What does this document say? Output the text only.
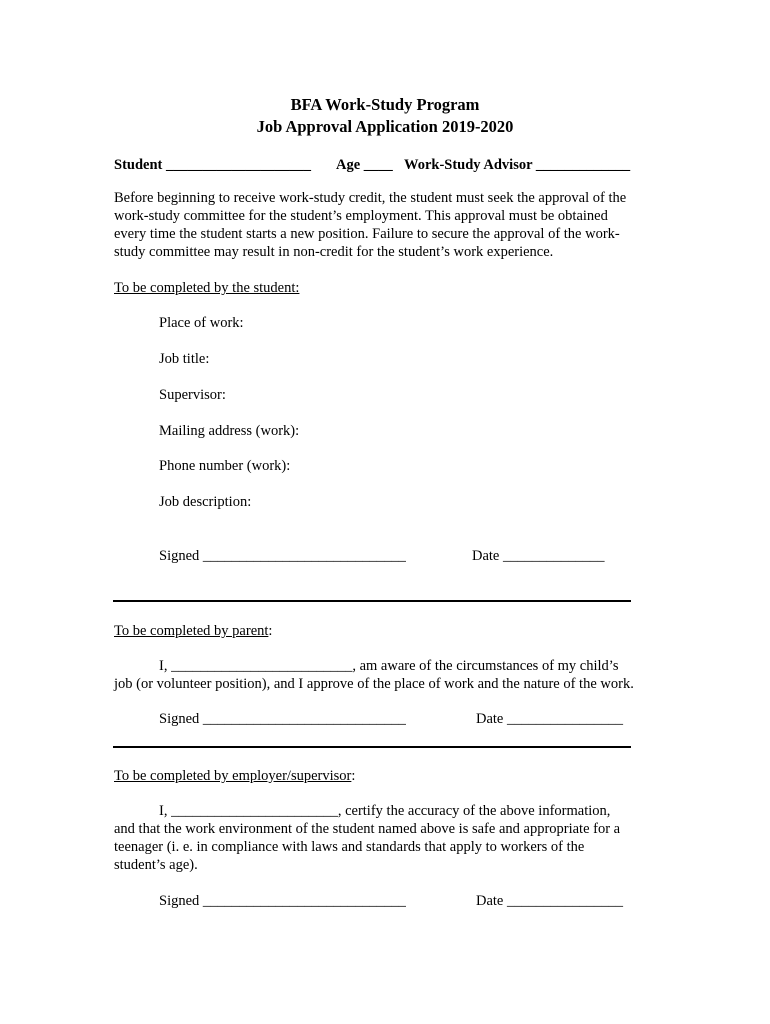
BFA Work-Study Program
Job Approval Application 2019-2020
Student ____________________ Age ____ Work-Study Advisor _____________
Before beginning to receive work-study credit, the student must seek the approval of the
work-study committee for the student’s employment. This approval must be obtained
every time the student starts a new position. Failure to secure the approval of the work-
study committee may result in non-credit for the student’s work experience.
To be completed by the student:
Place of work:
Job title:
Supervisor:
Mailing address (work):
Phone number (work):
Job description:
Signed ____________________________	Date ______________
To be completed by parent:
I, _________________________, am aware of the circumstances of my child’s
job (or volunteer position), and I approve of the place of work and the nature of the work.
Signed ____________________________	Date ________________
To be completed by employer/supervisor:
I, _______________________, certify the accuracy of the above information,
and that the work environment of the student named above is safe and appropriate for a
teenager (i. e. in compliance with laws and standards that apply to workers of the
student’s age).
Signed ____________________________	Date ________________
